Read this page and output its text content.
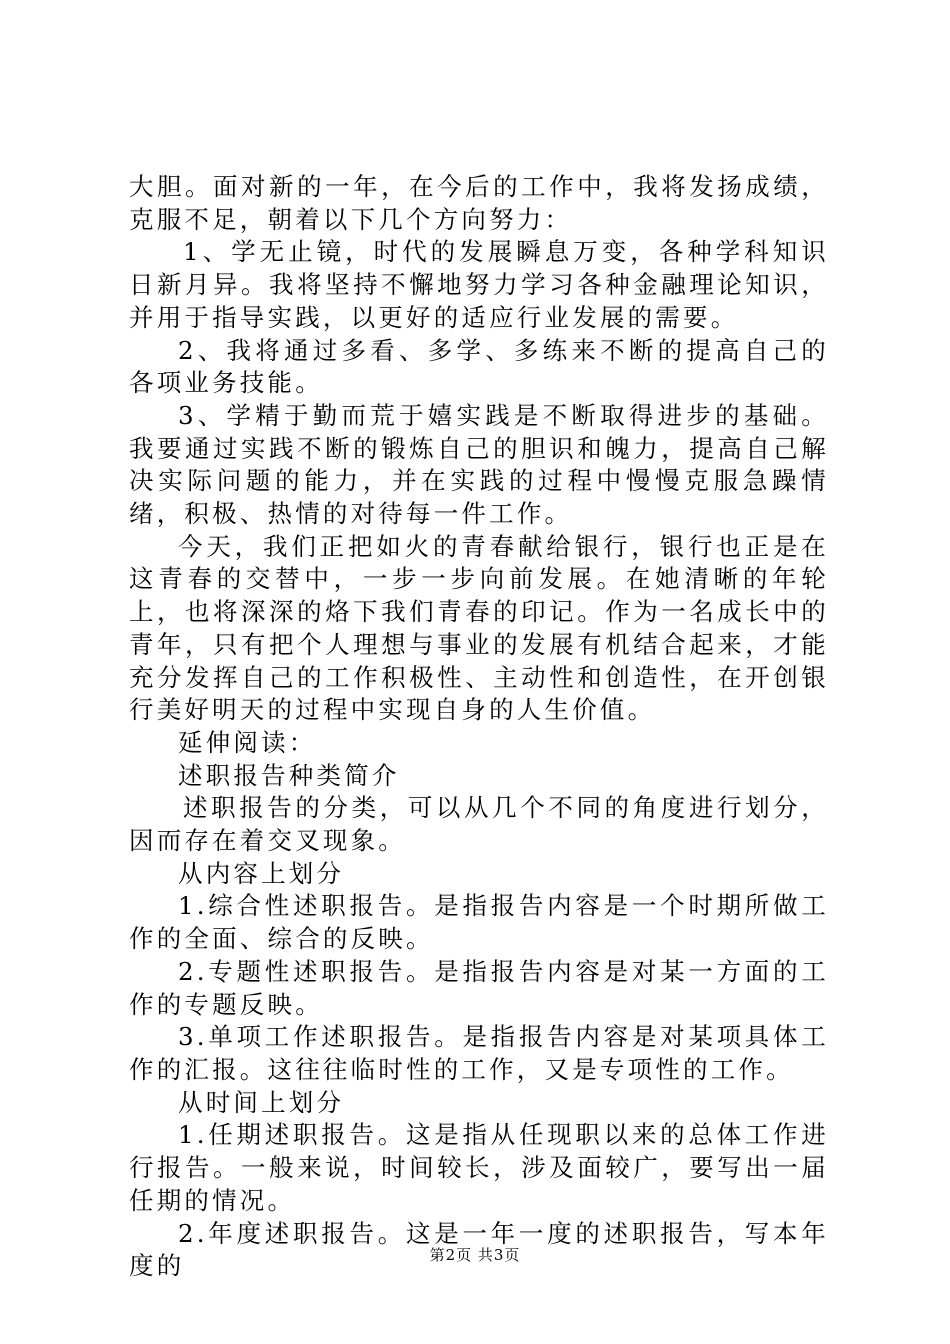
大胆。面对新的一年，在今后的工作中，我将发扬成绩，克服不足，朝着以下几个方向努力：

1、学无止镜，时代的发展瞬息万变，各种学科知识日新月异。我将坚持不懈地努力学习各种金融理论知识，并用于指导实践，以更好的适应行业发展的需要。

2、我将通过多看、多学、多练来不断的提高自己的各项业务技能。

3、学精于勤而荒于嬉实践是不断取得进步的基础。我要通过实践不断的锻炼自己的胆识和魄力，提高自己解决实际问题的能力，并在实践的过程中慢慢克服急躁情绪，积极、热情的对待每一件工作。

今天，我们正把如火的青春献给银行，银行也正是在这青春的交替中，一步一步向前发展。在她清晰的年轮上，也将深深的烙下我们青春的印记。作为一名成长中的青年，只有把个人理想与事业的发展有机结合起来，才能充分发挥自己的工作积极性、主动性和创造性，在开创银行美好明天的过程中实现自身的人生价值。

延伸阅读：

述职报告种类简介

述职报告的分类，可以从几个不同的角度进行划分，因而存在着交叉现象。

从内容上划分

1.综合性述职报告。是指报告内容是一个时期所做工作的全面、综合的反映。

2.专题性述职报告。是指报告内容是对某一方面的工作的专题反映。

3.单项工作述职报告。是指报告内容是对某项具体工作的汇报。这往往临时性的工作，又是专项性的工作。

从时间上划分

1.任期述职报告。这是指从任现职以来的总体工作进行报告。一般来说，时间较长，涉及面较广，要写出一届任期的情况。

2.年度述职报告。这是一年一度的述职报告，写本年度的	第2页 共3页
